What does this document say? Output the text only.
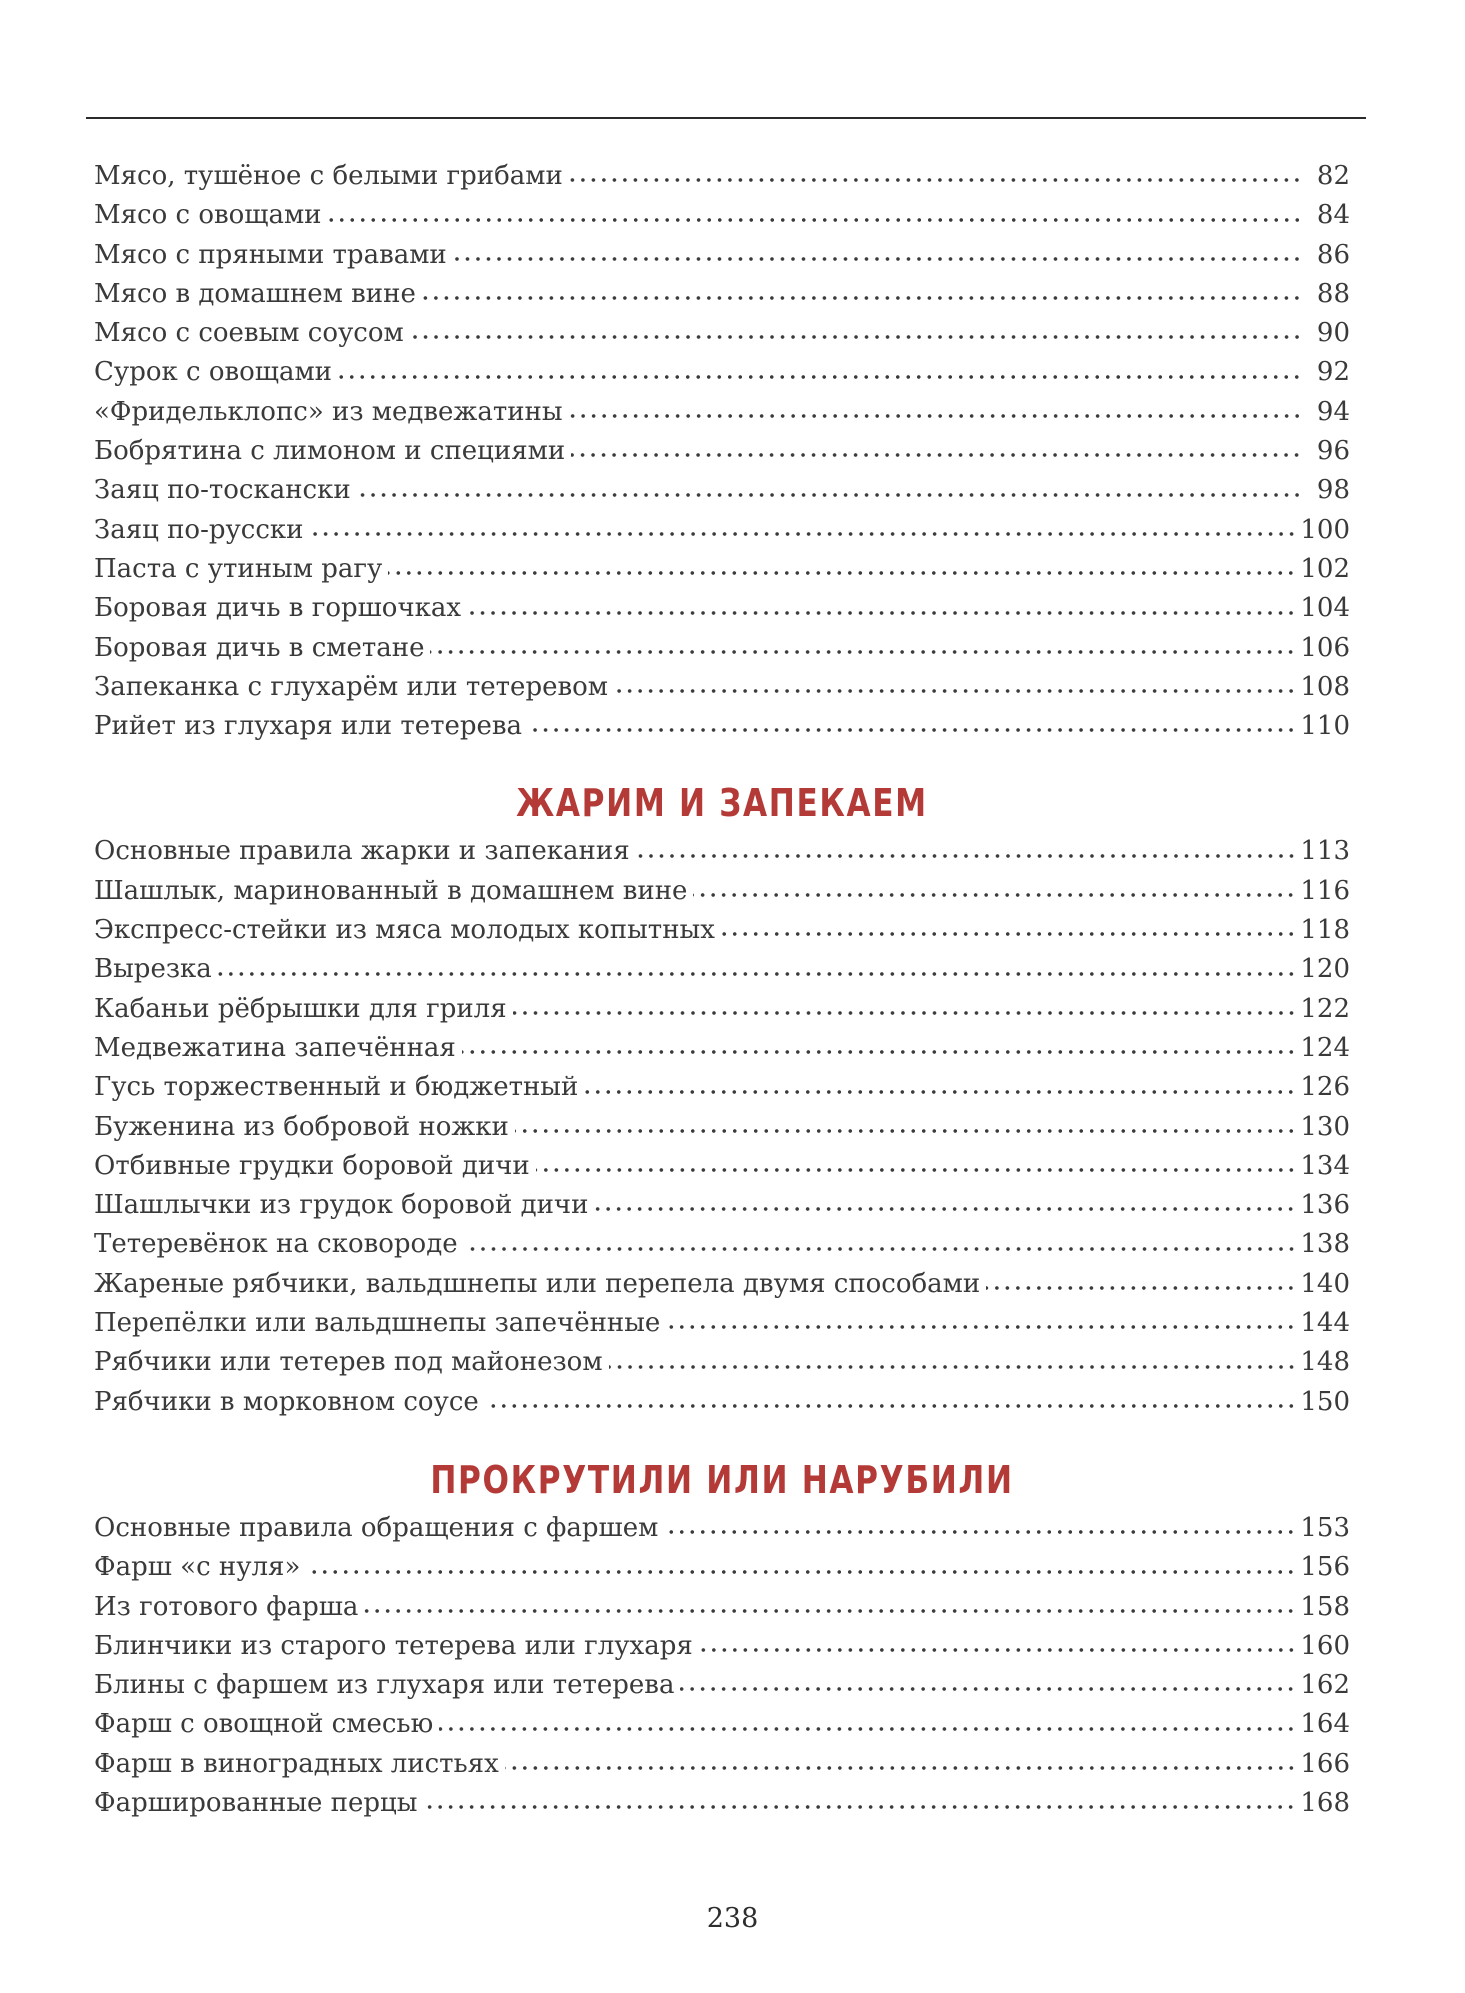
Мясо, тушёное с белыми грибами	82
Мясо с овощами	84
Мясо с пряными травами	86
Мясо в домашнем вине	88
Мясо с соевым соусом	90
Сурок с овощами	92
«Фридельклопс» из медвежатины	94
Бобрятина с лимоном и специями	96
Заяц по-тоскански	98
Заяц по-русски	100
Паста с утиным рагу	102
Боровая дичь в горшочках	104
Боровая дичь в сметане	106
Запеканка с глухарём или тетеревом	108
Рийет из глухаря или тетерева	110
ЖАРИМ И ЗАПЕКАЕМ
Основные правила жарки и запекания	113
Шашлык, маринованный в домашнем вине	116
Экспресс-стейки из мяса молодых копытных	118
Вырезка	120
Кабаньи рёбрышки для гриля	122
Медвежатина запечённая	124
Гусь торжественный и бюджетный	126
Буженина из бобровой ножки	130
Отбивные грудки боровой дичи	134
Шашлычки из грудок боровой дичи	136
Тетеревёнок на сковороде	138
Жареные рябчики, вальдшнепы или перепела двумя способами	140
Перепёлки или вальдшнепы запечённые	144
Рябчики или тетерев под майонезом	148
Рябчики в морковном соусе	150
ПРОКРУТИЛИ ИЛИ НАРУБИЛИ
Основные правила обращения с фаршем	153
Фарш «с нуля»	156
Из готового фарша	158
Блинчики из старого тетерева или глухаря	160
Блины с фаршем из глухаря или тетерева	162
Фарш с овощной смесью	164
Фарш в виноградных листьях	166
Фаршированные перцы	168
238
